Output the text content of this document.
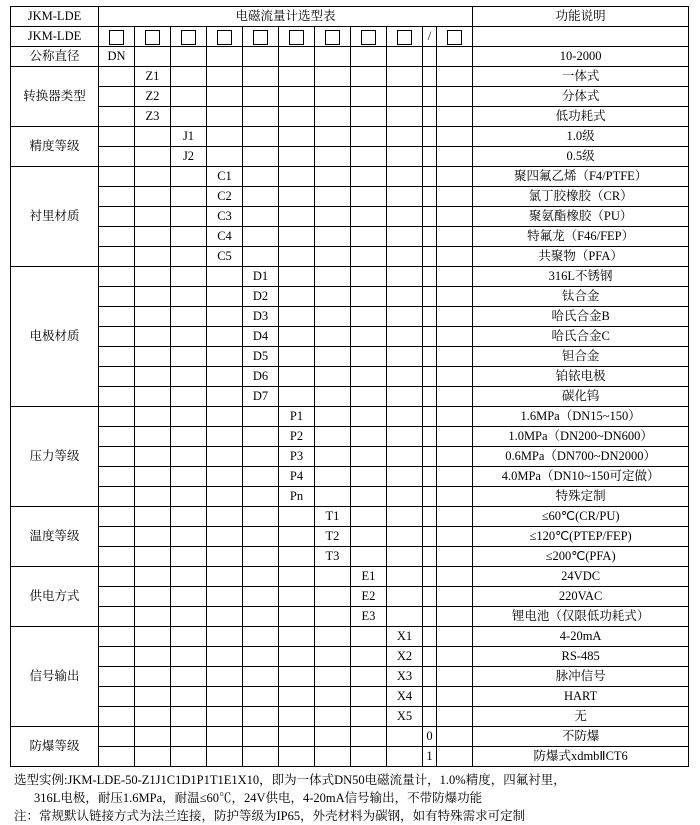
JKM-LDE	电磁流量计选型表											功能说明
JKM-LDE										/		
公称直径	DN											10-2000
转换器类型		Z1										一体式
		Z2										分体式
		Z3										低功耗式
精度等级			J1									1.0级
			J2									0.5级
衬里材质				C1								聚四氟乙烯（F4/PTFE）
				C2								氯丁胶橡胶（CR）
				C3								聚氨酯橡胶（PU）
				C4								特氟龙（F46/FEP）
				C5								共聚物（PFA）
电极材质					D1							316L不锈钢
					D2							钛合金
					D3							哈氏合金B
					D4							哈氏合金C
					D5							钽合金
					D6							铂铱电极
					D7							碳化钨
压力等级						P1						1.6MPa（DN15~150）
						P2						1.0MPa（DN200~DN600）
						P3						0.6MPa（DN700~DN2000）
						P4						4.0MPa（DN10~150可定做）
						Pn						特殊定制
温度等级							T1					≤60℃(CR/PU)
							T2					≤120℃(PTEP/FEP)
							T3					≤200℃(PFA)
供电方式								E1				24VDC
								E2				220VAC
								E3				锂电池（仅限低功耗式）
信号输出									X1			4-20mA
									X2			RS-485
									X3			脉冲信号
									X4			HART
									X5			无
防爆等级										0		不防爆
										1		防爆式xdmbⅡCT6
选型实例:JKM-LDE-50-Z1J1C1D1P1T1E1X10，即为一体式DN50电磁流量计，1.0%精度，四氟衬里，
316L电极，耐压1.6MPa，耐温≤60℃，24V供电，4-20mA信号输出，不带防爆功能
注：常规默认链接方式为法兰连接，防护等级为IP65，外壳材料为碳钢，如有特殊需求可定制
